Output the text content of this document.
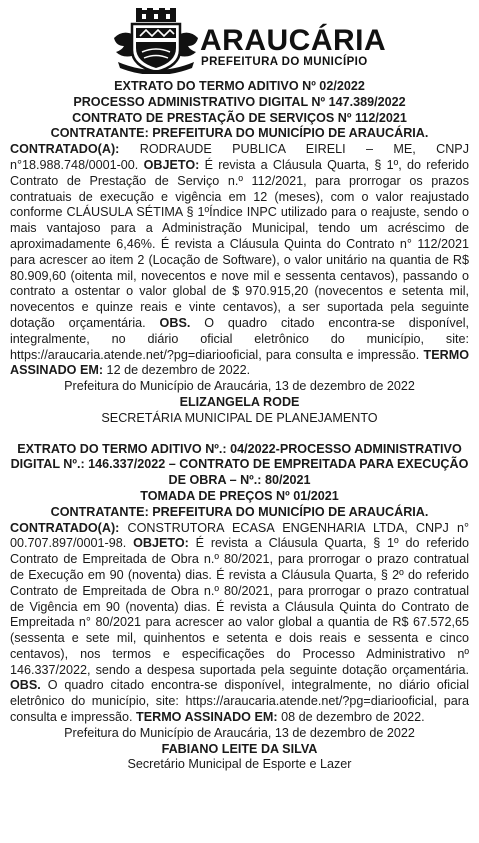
ARAUCÁRIA
PREFEITURA DO MUNICÍPIO

EXTRATO DO TERMO ADITIVO Nº 02/2022

PROCESSO ADMINISTRATIVO DIGITAL Nº 147.389/2022

CONTRATO DE PRESTAÇÃO DE SERVIÇOS Nº 112/2021

CONTRATANTE: PREFEITURA DO MUNICÍPIO DE ARAUCÁRIA.

CONTRATADO(A): RODRAUDE PUBLICA EIRELI – ME, CNPJ n°18.988.748/0001-00. OBJETO: É revista a Cláusula Quarta, § 1º, do referido Contrato de Prestação de Serviço n.º 112/2021, para prorrogar os prazos contratuais de execução e vigência em 12 (meses), com o valor reajustado conforme CLÁUSULA SÉTIMA § 1ºÍndice INPC utilizado para o reajuste, sendo o mais vantajoso para a Administração Municipal, tendo um acréscimo de aproximadamente 6,46%. É revista a Cláusula Quinta do Contrato n° 112/2021 para acrescer ao item 2 (Locação de Software), o valor unitário na quantia de R$ 80.909,60 (oitenta mil, novecentos e nove mil e sessenta centavos), passando o contrato a ostentar o valor global de $ 970.915,20 (novecentos e setenta mil, novecentos e quinze reais e vinte centavos), a ser suportada pela seguinte dotação orçamentária. OBS. O quadro citado encontra-se disponível, integralmente, no diário oficial eletrônico do município, site: https://araucaria.atende.net/?pg=diariooficial, para consulta e impressão. TERMO ASSINADO EM: 12 de dezembro de 2022.

Prefeitura do Município de Araucária, 13 de dezembro de 2022

ELIZANGELA RODE

SECRETÁRIA MUNICIPAL DE PLANEJAMENTO

EXTRATO DO TERMO ADITIVO Nº.: 04/2022-PROCESSO ADMINISTRATIVO DIGITAL Nº.: 146.337/2022 – CONTRATO DE EMPREITADA PARA EXECUÇÃO DE OBRA – Nº.: 80/2021

TOMADA DE PREÇOS Nº 01/2021

CONTRATANTE: PREFEITURA DO MUNICÍPIO DE ARAUCÁRIA.

CONTRATADO(A): CONSTRUTORA ECASA ENGENHARIA LTDA, CNPJ n° 00.707.897/0001-98. OBJETO: É revista a Cláusula Quarta, § 1º do referido Contrato de Empreitada de Obra n.º 80/2021, para prorrogar o prazo contratual de Execução em 90 (noventa) dias. É revista a Cláusula Quarta, § 2º do referido Contrato de Empreitada de Obra n.º 80/2021, para prorrogar o prazo contratual de Vigência em 90 (noventa) dias. É revista a Cláusula Quinta do Contrato de Empreitada n° 80/2021 para acrescer ao valor global a quantia de R$ 67.572,65 (sessenta e sete mil, quinhentos e setenta e dois reais e sessenta e cinco centavos), nos termos e especificações do Processo Administrativo nº 146.337/2022, sendo a despesa suportada pela seguinte dotação orçamentária. OBS. O quadro citado encontra-se disponível, integralmente, no diário oficial eletrônico do município, site: https://araucaria.atende.net/?pg=diariooficial, para consulta e impressão. TERMO ASSINADO EM: 08 de dezembro de 2022.

Prefeitura do Município de Araucária, 13 de dezembro de 2022

FABIANO LEITE DA SILVA

Secretário Municipal de Esporte e Lazer
